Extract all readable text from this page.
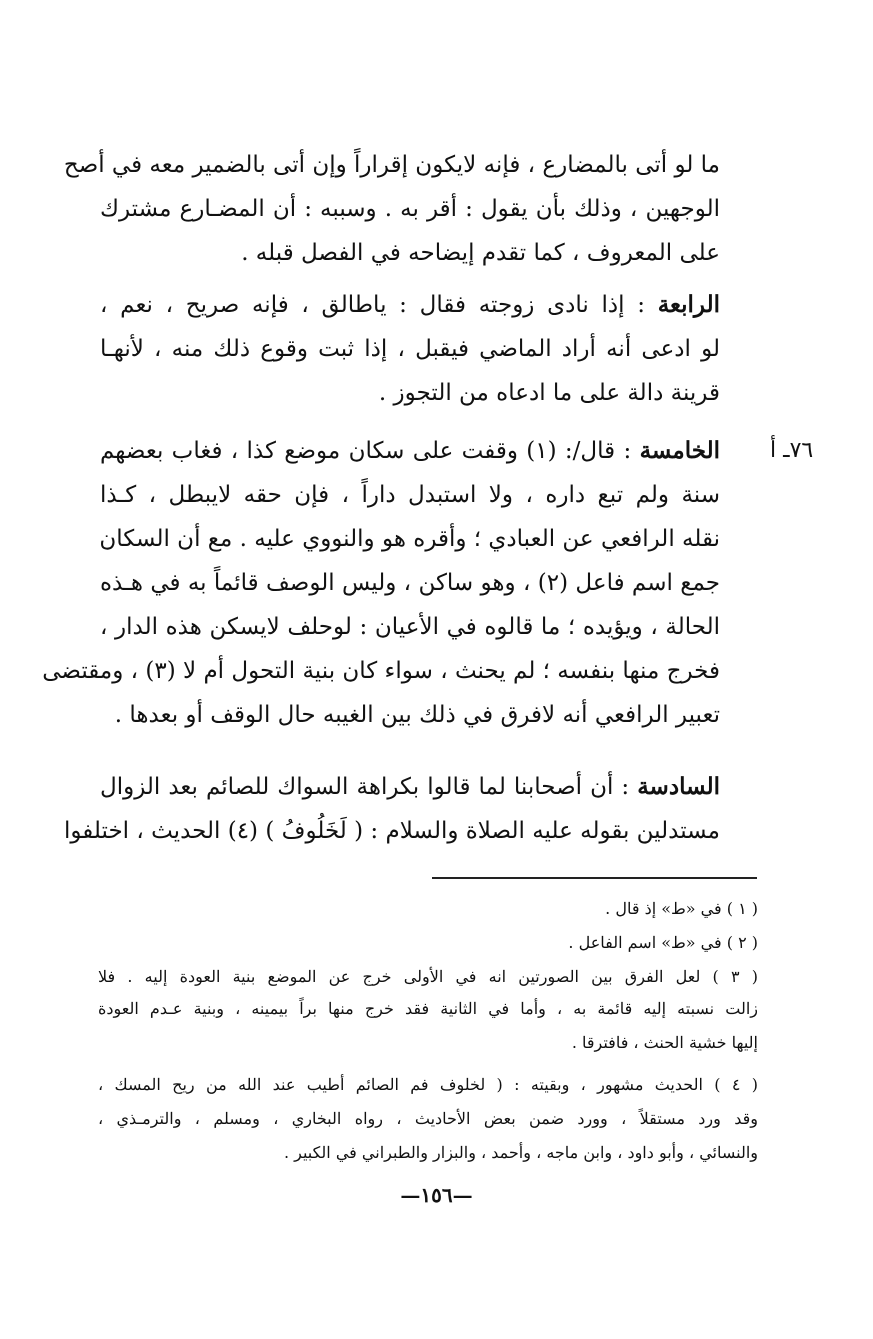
ما لو أتى بالمضارع ، فإنه لايكون إقراراً وإن أتى بالضمير معه في أصح
الوجهين ، وذلك بأن يقول : أقر به . وسببه : أن المضـارع مشترك
على المعروف ، كما تقدم إيضاحه في الفصل قبله .
الرابعة : إذا نادى زوجته فقال : ياطالق ، فإنه صريح ، نعم ،
لو ادعى أنه أراد الماضي فيقبل ، إذا ثبت وقوع ذلك منه ، لأنهـا
قرينة دالة على ما ادعاه من التجوز .
٧٦ـ أ
الخامسة : قال/: (١) وقفت على سكان موضع كذا ، فغاب بعضهم
سنة ولم تبع داره ، ولا استبدل داراً ، فإن حقه لايبطل ، كـذا
نقله الرافعي عن العبادي ؛ وأقره هو والنووي عليه . مع أن السكان
جمع اسم فاعل (٢) ، وهو ساكن ، وليس الوصف قائماً به في هـذه
الحالة ، ويؤيده ؛ ما قالوه في الأعيان : لوحلف لايسكن هذه الدار ،
فخرج منها بنفسه ؛ لم يحنث ، سواء كان بنية التحول أم لا (٣) ، ومقتضى
تعبير الرافعي أنه لافرق في ذلك بين الغيبه حال الوقف أو بعدها .
السادسة : أن أصحابنا لما قالوا بكراهة السواك للصائم بعد الزوال
مستدلين بقوله عليه الصلاة والسلام : ( لَخَلُوفُ ) (٤) الحديث ، اختلفوا
( ١ ) في «ط» إذ قال .
( ٢ ) في «ط» اسم الفاعل .
( ٣ ) لعل الفرق بين الصورتين انه في الأولى خرج عن الموضع بنية العودة إليه . فلا
زالت نسبته إليه قائمة به ، وأما في الثانية فقد خرج منها براً بيمينه ، وبنية عـدم العودة
إليها خشية الحنث ، فافترقا .
( ٤ ) الحديث مشهور ، وبقيته : ( لخلوف فم الصائم أطيب عند الله من ريح المسك ،
وقد ورد مستقلاً ، وورد ضمن بعض الأحاديث ، رواه البخاري ، ومسلم ، والترمـذي ،
والنسائي ، وأبو داود ، وابن ماجه ، وأحمد ، والبزار والطبراني في الكبير .
—١٥٦—
